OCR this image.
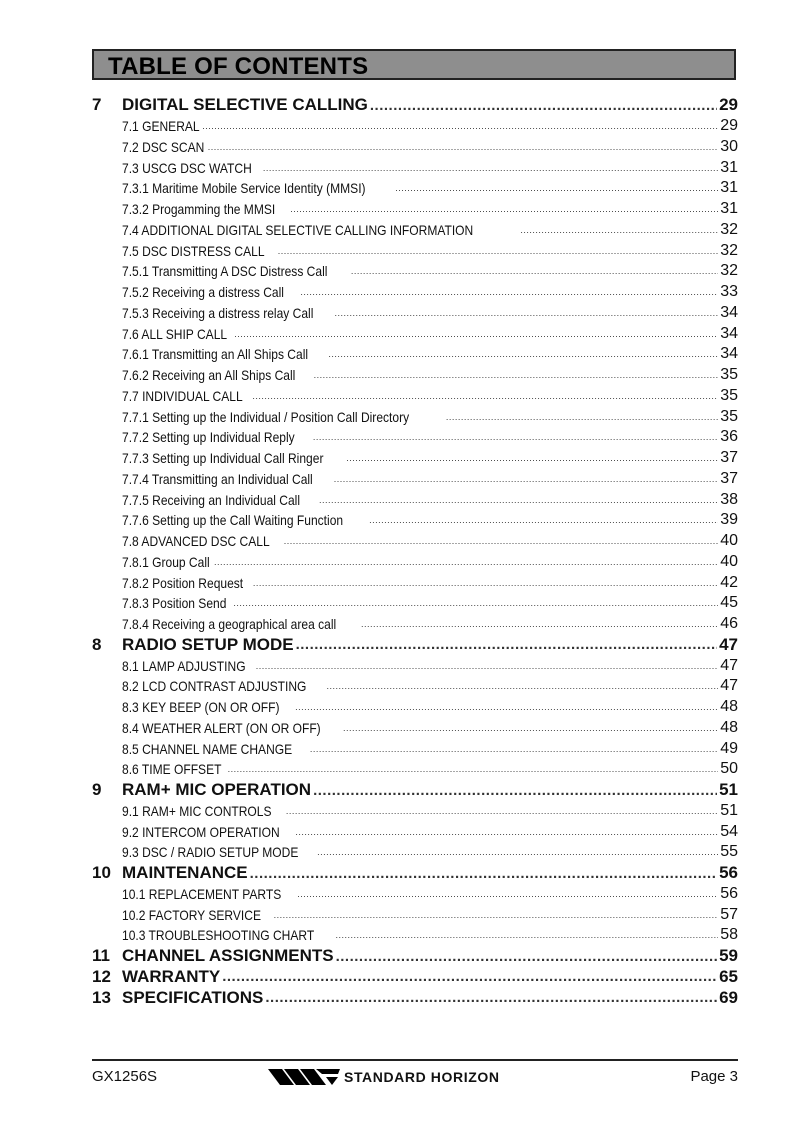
TABLE OF CONTENTS
7	DIGITAL SELECTIVE CALLING .....	29
7.1 GENERAL .....	29
7.2 DSC SCAN .....	30
7.3 USCG DSC WATCH .....	31
7.3.1 Maritime Mobile Service Identity (MMSI) .....	31
7.3.2 Progamming the MMSI .....	31
7.4 ADDITIONAL DIGITAL SELECTIVE CALLING INFORMATION .....	32
7.5 DSC DISTRESS CALL .....	32
7.5.1 Transmitting A DSC Distress Call .....	32
7.5.2 Receiving a distress Call .....	33
7.5.3 Receiving a distress relay Call .....	34
7.6 ALL SHIP CALL .....	34
7.6.1 Transmitting an All Ships Call .....	34
7.6.2 Receiving an All Ships Call .....	35
7.7 INDIVIDUAL CALL .....	35
7.7.1 Setting up the Individual / Position Call Directory .....	35
7.7.2 Setting up Individual Reply .....	36
7.7.3 Setting up Individual Call Ringer .....	37
7.7.4 Transmitting an Individual Call .....	37
7.7.5 Receiving an Individual Call .....	38
7.7.6 Setting up the Call Waiting Function .....	39
7.8 ADVANCED DSC CALL .....	40
7.8.1 Group Call .....	40
7.8.2 Position Request .....	42
7.8.3 Position Send .....	45
7.8.4 Receiving a geographical area call .....	46
8	RADIO SETUP MODE .....	47
8.1 LAMP ADJUSTING .....	47
8.2 LCD CONTRAST ADJUSTING .....	47
8.3 KEY BEEP (ON OR OFF) .....	48
8.4 WEATHER ALERT (ON OR OFF) .....	48
8.5 CHANNEL NAME CHANGE .....	49
8.6 TIME OFFSET .....	50
9	RAM+ MIC OPERATION .....	51
9.1 RAM+ MIC CONTROLS .....	51
9.2 INTERCOM OPERATION .....	54
9.3 DSC / RADIO SETUP MODE .....	55
10 MAINTENANCE .....	56
10.1 REPLACEMENT PARTS .....	56
10.2 FACTORY SERVICE .....	57
10.3 TROUBLESHOOTING CHART .....	58
11 CHANNEL ASSIGNMENTS .....	59
12 WARRANTY .....	65
13 SPECIFICATIONS .....	69
GX1256S	STANDARD HORIZON	Page 3
